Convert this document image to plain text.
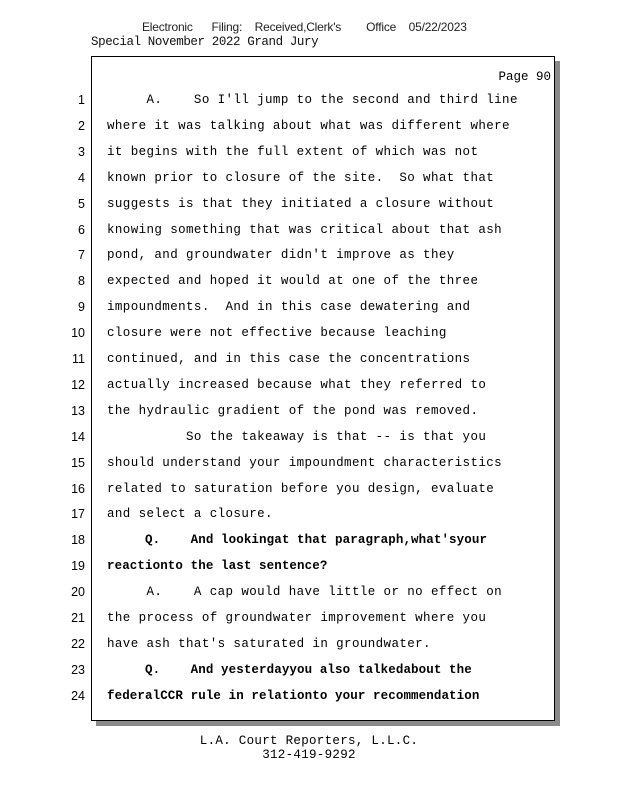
Electronic      Filing:    Received,Clerk's        Office    05/22/2023
Special November 2022 Grand Jury
Page 90
1 A.    So I'll jump to the second and third line
2 where it was talking about what was different where
3 it begins with the full extent of which was not
4 known prior to closure of the site.  So what that
5 suggests is that they initiated a closure without
6 knowing something that was critical about that ash
7 pond, and groundwater didn't improve as they
8 expected and hoped it would at one of the three
9 impoundments.  And in this case dewatering and
10 closure were not effective because leaching
11 continued, and in this case the concentrations
12 actually increased because what they referred to
13 the hydraulic gradient of the pond was removed.
14 So the takeaway is that -- is that you
15 should understand your impoundment characteristics
16 related to saturation before you design, evaluate
17 and select a closure.
18 Q.    And lookingat that paragraph,what'syour
19 reactionto the last sentence?
20 A.    A cap would have little or no effect on
21 the process of groundwater improvement where you
22 have ash that's saturated in groundwater.
23 Q.    And yesterdayyou also talkedabout the
24 federalCCR rule in relationto your recommendation
L.A. Court Reporters, L.L.C.
312-419-9292
